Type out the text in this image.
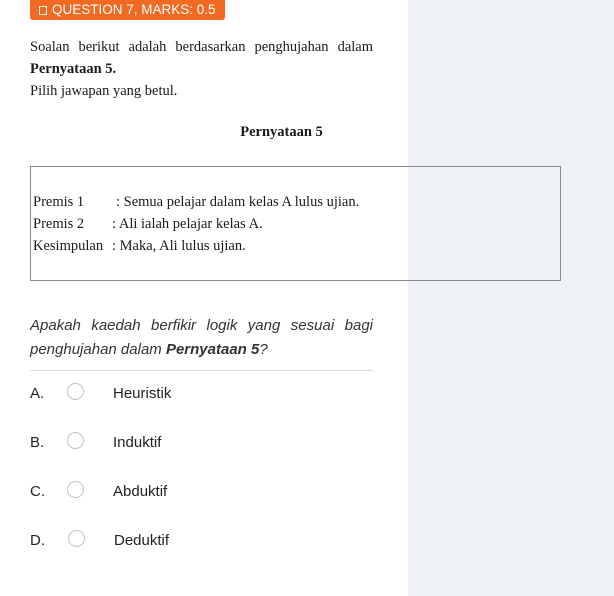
QUESTION 7, MARKS: 0.5

Soalan berikut adalah berdasarkan penghujahan dalam

Pernyataan 5.

Pilih jawapan yang betul.

Pernyataan 5
Premis 1 : Semua pelajar dalam kelas A lulus ujian.
Premis 2 : Ali ialah pelajar kelas A.
Kesimpulan : Maka, Ali lulus ujian.
Apakah kaedah berfikir logik yang sesuai bagi
penghujahan dalam Pernyataan 5?
A.	Heuristik
B.	Induktif
C.	Abduktif
D.	Deduktif
